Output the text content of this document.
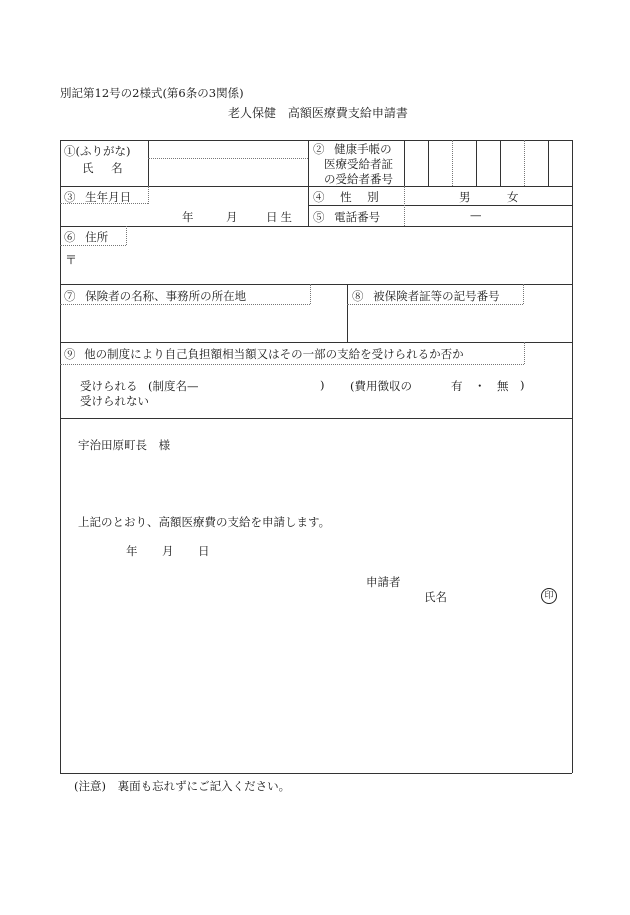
別記第12号の2様式(第6条の3関係)
老人保健 高額医療費支給申請書
①(ふりがな)
氏 名
② 健康手帳の
医療受給者証
の受給者番号
③ 生年月日
年	月 日生
④ 性 別	男	女
⑤ 電話番号	—
⑥ 住所
〒
⑦ 保険者の名称、事務所の所在地	⑧ 被保険者証等の記号番号
⑨ 他の制度により自己負担額相当額又はその一部の支給を受けられるか否か
受けられる (制度名—	) (費用徴収の	有 ・ 無 )
受けられない
宇治田原町長 様
上記のとおり、高額医療費の支給を申請します。
年 月 日
申請者
氏名	印
(注意) 裏面も忘れずにご記入ください。
